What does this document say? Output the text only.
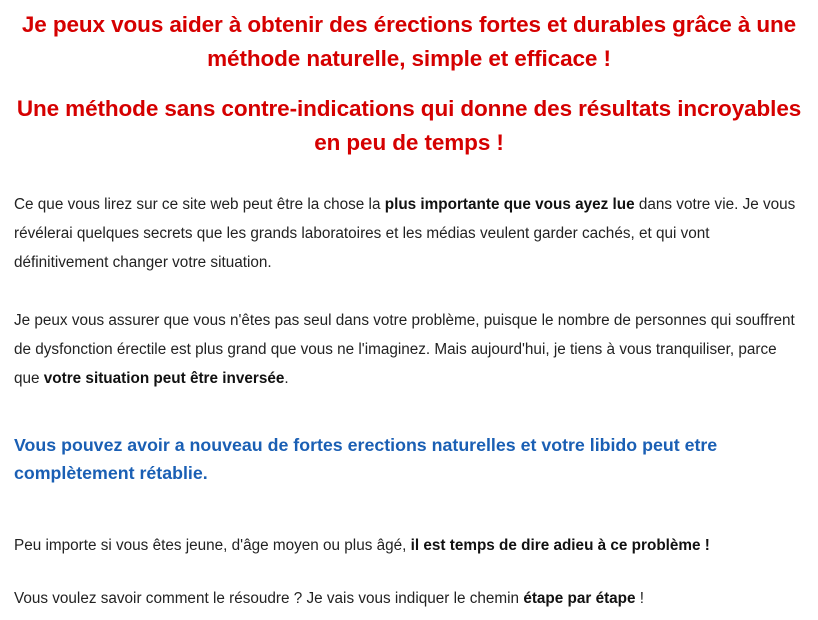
Je peux vous aider à obtenir des érections fortes et durables grâce à une méthode naturelle, simple et efficace !
Une méthode sans contre-indications qui donne des résultats incroyables en peu de temps !

Ce que vous lirez sur ce site web peut être la chose la plus importante que vous ayez lue dans votre vie. Je vous révélerai quelques secrets que les grands laboratoires et les médias veulent garder cachés, et qui vont définitivement changer votre situation.

Je peux vous assurer que vous n'êtes pas seul dans votre problème, puisque le nombre de personnes qui souffrent de dysfonction érectile est plus grand que vous ne l'imaginez. Mais aujourd'hui, je tiens à vous tranquiliser, parce que votre situation peut être inversée.

Vous pouvez avoir a nouveau de fortes erections naturelles et votre libido peut etre complètement rétablie.

Peu importe si vous êtes jeune, d'âge moyen ou plus âgé, il est temps de dire adieu à ce problème !

Vous voulez savoir comment le résoudre ? Je vais vous indiquer le chemin étape par étape !
